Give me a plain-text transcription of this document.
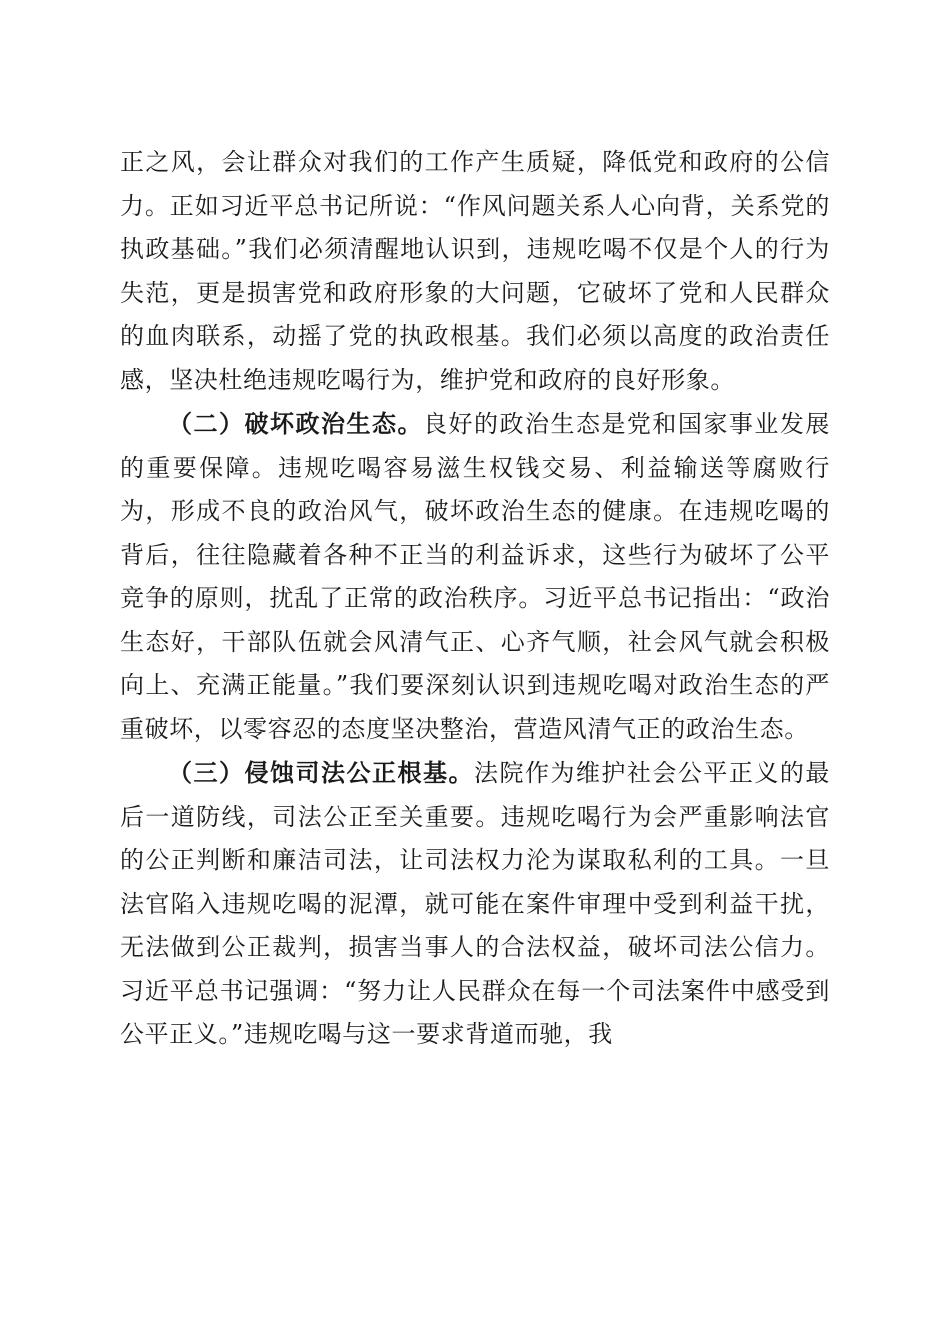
正之风，会让群众对我们的工作产生质疑，降低党和政府的公信力。正如习近平总书记所说：“作风问题关系人心向背，关系党的执政基础。”我们必须清醒地认识到，违规吃喝不仅是个人的行为失范，更是损害党和政府形象的大问题，它破坏了党和人民群众的血肉联系，动摇了党的执政根基。我们必须以高度的政治责任感，坚决杜绝违规吃喝行为，维护党和政府的良好形象。

（二）破坏政治生态。良好的政治生态是党和国家事业发展的重要保障。违规吃喝容易滋生权钱交易、利益输送等腐败行为，形成不良的政治风气，破坏政治生态的健康。在违规吃喝的背后，往往隐藏着各种不正当的利益诉求，这些行为破坏了公平竞争的原则，扰乱了正常的政治秩序。习近平总书记指出：“政治生态好，干部队伍就会风清气正、心齐气顺，社会风气就会积极向上、充满正能量。”我们要深刻认识到违规吃喝对政治生态的严重破坏，以零容忍的态度坚决整治，营造风清气正的政治生态。

（三）侵蚀司法公正根基。法院作为维护社会公平正义的最后一道防线，司法公正至关重要。违规吃喝行为会严重影响法官的公正判断和廉洁司法，让司法权力沦为谋取私利的工具。一旦法官陷入违规吃喝的泥潭，就可能在案件审理中受到利益干扰，无法做到公正裁判，损害当事人的合法权益，破坏司法公信力。习近平总书记强调：“努力让人民群众在每一个司法案件中感受到公平正义。”违规吃喝与这一要求背道而驰，我
